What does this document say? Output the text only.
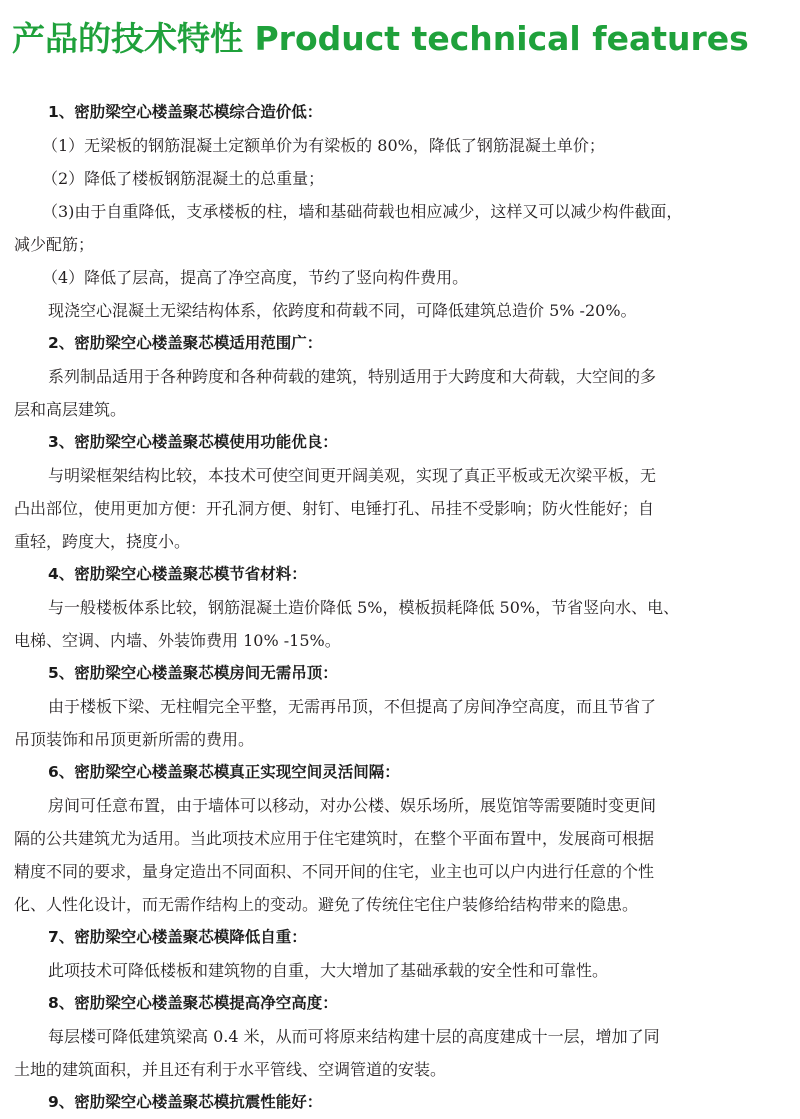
产品的技术特性 Product technical features
1、密肋梁空心楼盖聚芯模综合造价低：
（1）无梁板的钢筋混凝土定额单价为有梁板的 80%，降低了钢筋混凝土单价；
（2）降低了楼板钢筋混凝土的总重量；
（3)由于自重降低，支承楼板的柱，墙和基础荷载也相应减少，这样又可以减少构件截面，
减少配筋；
（4）降低了层高，提高了净空高度，节约了竖向构件费用。
现浇空心混凝土无梁结构体系，依跨度和荷载不同，可降低建筑总造价 5% -20%。
2、密肋梁空心楼盖聚芯模适用范围广：
系列制品适用于各种跨度和各种荷载的建筑，特别适用于大跨度和大荷载，大空间的多
层和高层建筑。
3、密肋梁空心楼盖聚芯模使用功能优良：
与明梁框架结构比较，本技术可使空间更开阔美观，实现了真正平板或无次梁平板，无
凸出部位，使用更加方便：开孔洞方便、射钉、电锤打孔、吊挂不受影响；防火性能好；自
重轻，跨度大，挠度小。
4、密肋梁空心楼盖聚芯模节省材料：
与一般楼板体系比较，钢筋混凝土造价降低 5%，模板损耗降低 50%，节省竖向水、电、
电梯、空调、内墙、外装饰费用 10% -15%。
5、密肋梁空心楼盖聚芯模房间无需吊顶：
由于楼板下梁、无柱帽完全平整，无需再吊顶，不但提高了房间净空高度，而且节省了
吊顶装饰和吊顶更新所需的费用。
6、密肋梁空心楼盖聚芯模真正实现空间灵活间隔：
房间可任意布置，由于墙体可以移动，对办公楼、娱乐场所，展览馆等需要随时变更间
隔的公共建筑尤为适用。当此项技术应用于住宅建筑时，在整个平面布置中，发展商可根据
精度不同的要求，量身定造出不同面积、不同开间的住宅，业主也可以户内进行任意的个性
化、人性化设计，而无需作结构上的变动。避免了传统住宅住户装修给结构带来的隐患。
7、密肋梁空心楼盖聚芯模降低自重：
此项技术可降低楼板和建筑物的自重，大大增加了基础承载的安全性和可靠性。
8、密肋梁空心楼盖聚芯模提高净空高度：
每层楼可降低建筑梁高 0.4 米，从而可将原来结构建十层的高度建成十一层，增加了同
土地的建筑面积，并且还有利于水平管线、空调管道的安装。
9、密肋梁空心楼盖聚芯模抗震性能好：
